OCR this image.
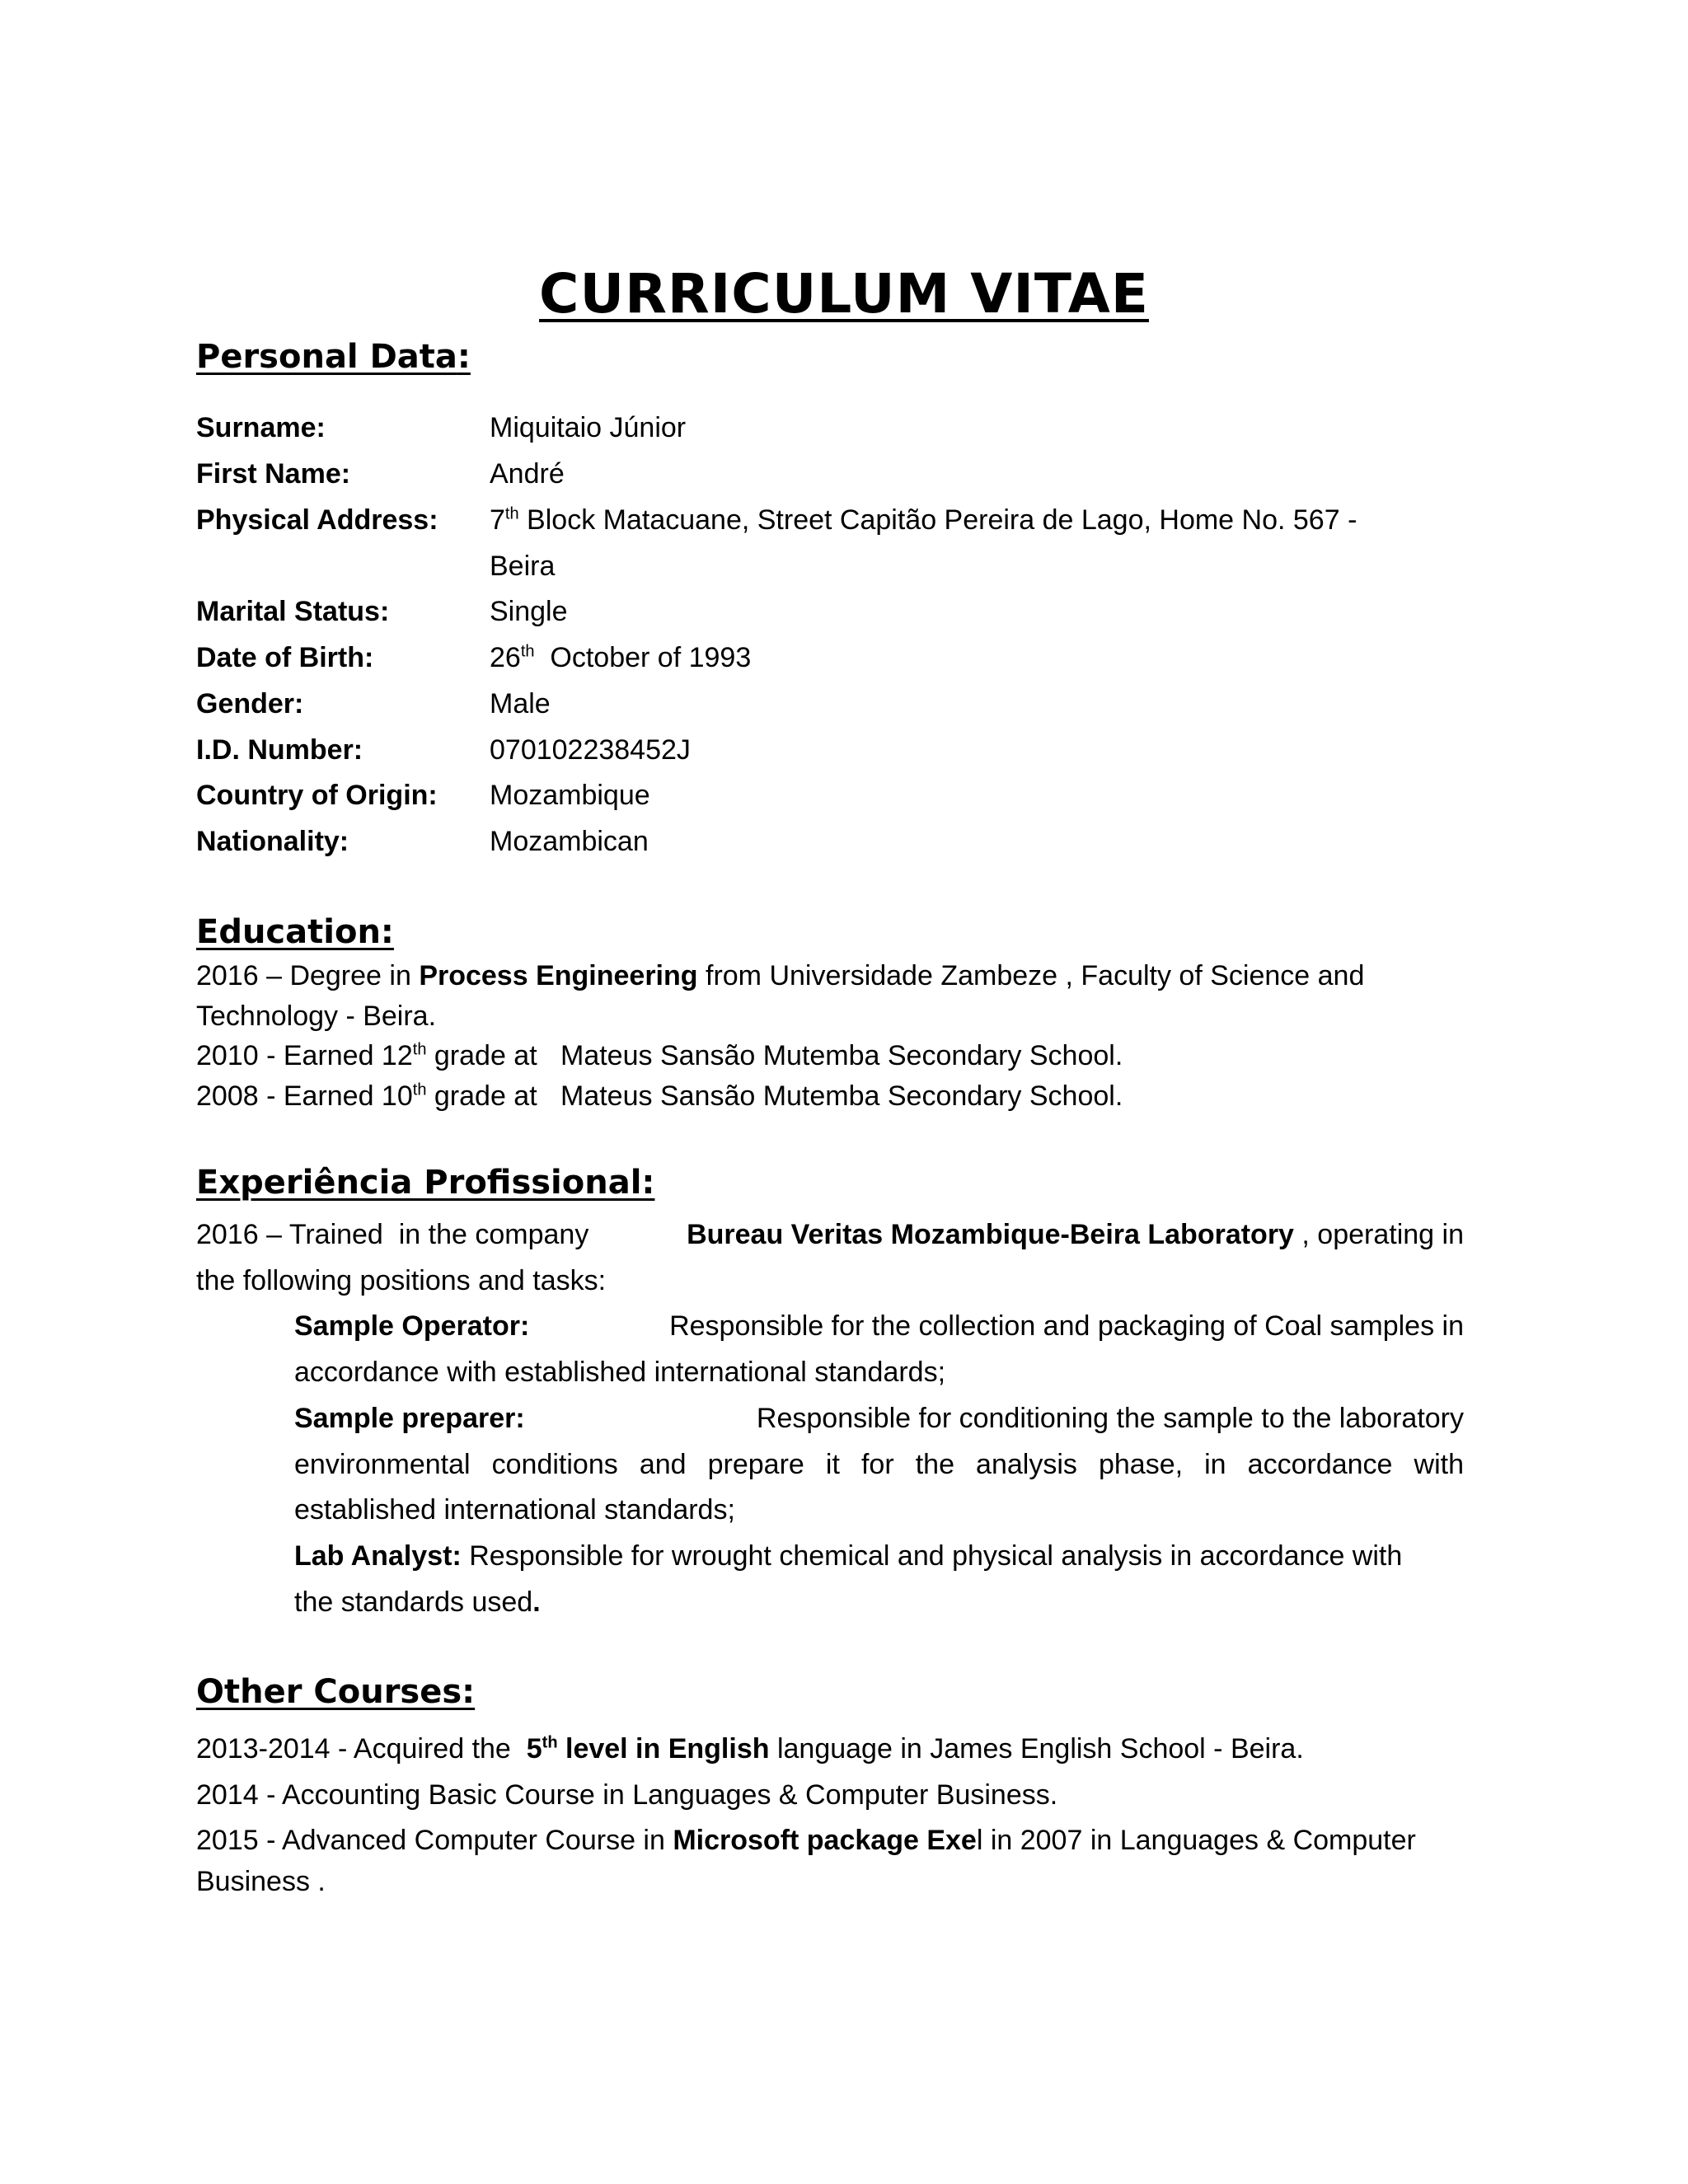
CURRICULUM VITAE
Personal Data:
Surname:	Miquitaio Júnior
First Name:	André
Physical Address: 7th Block Matacuane, Street Capitão Pereira de Lago, Home No. 567 -
Beira
Marital Status:	Single
Date of Birth:	26th  October of 1993
Gender:	Male
I.D. Number:	070102238452J
Country of Origin: Mozambique
Nationality:	Mozambican
Education:
2016 – Degree in Process Engineering from Universidade Zambeze , Faculty of Science and
Technology - Beira.
2010 - Earned 12th grade at   Mateus Sansão Mutemba Secondary School.
2008 - Earned 10th grade at   Mateus Sansão Mutemba Secondary School.
Experiência Profissional:
2016 – Trained  in the company	Bureau Veritas Mozambique-Beira Laboratory , operating in
the following positions and tasks:
Sample Operator:	Responsible for the collection and packaging of Coal samples in
accordance with established international standards;
Sample preparer:	Responsible for conditioning the sample to the laboratory
environmental conditions and prepare it for the analysis phase, in accordance with
established international standards;
Lab Analyst: Responsible for wrought chemical and physical analysis in accordance with
the standards used.
Other Courses:
2013-2014 - Acquired the  5th level in English language in James English School - Beira.
2014 - Accounting Basic Course in Languages & Computer Business.
2015 - Advanced Computer Course in Microsoft package Exel in 2007 in Languages & Computer
Business .
